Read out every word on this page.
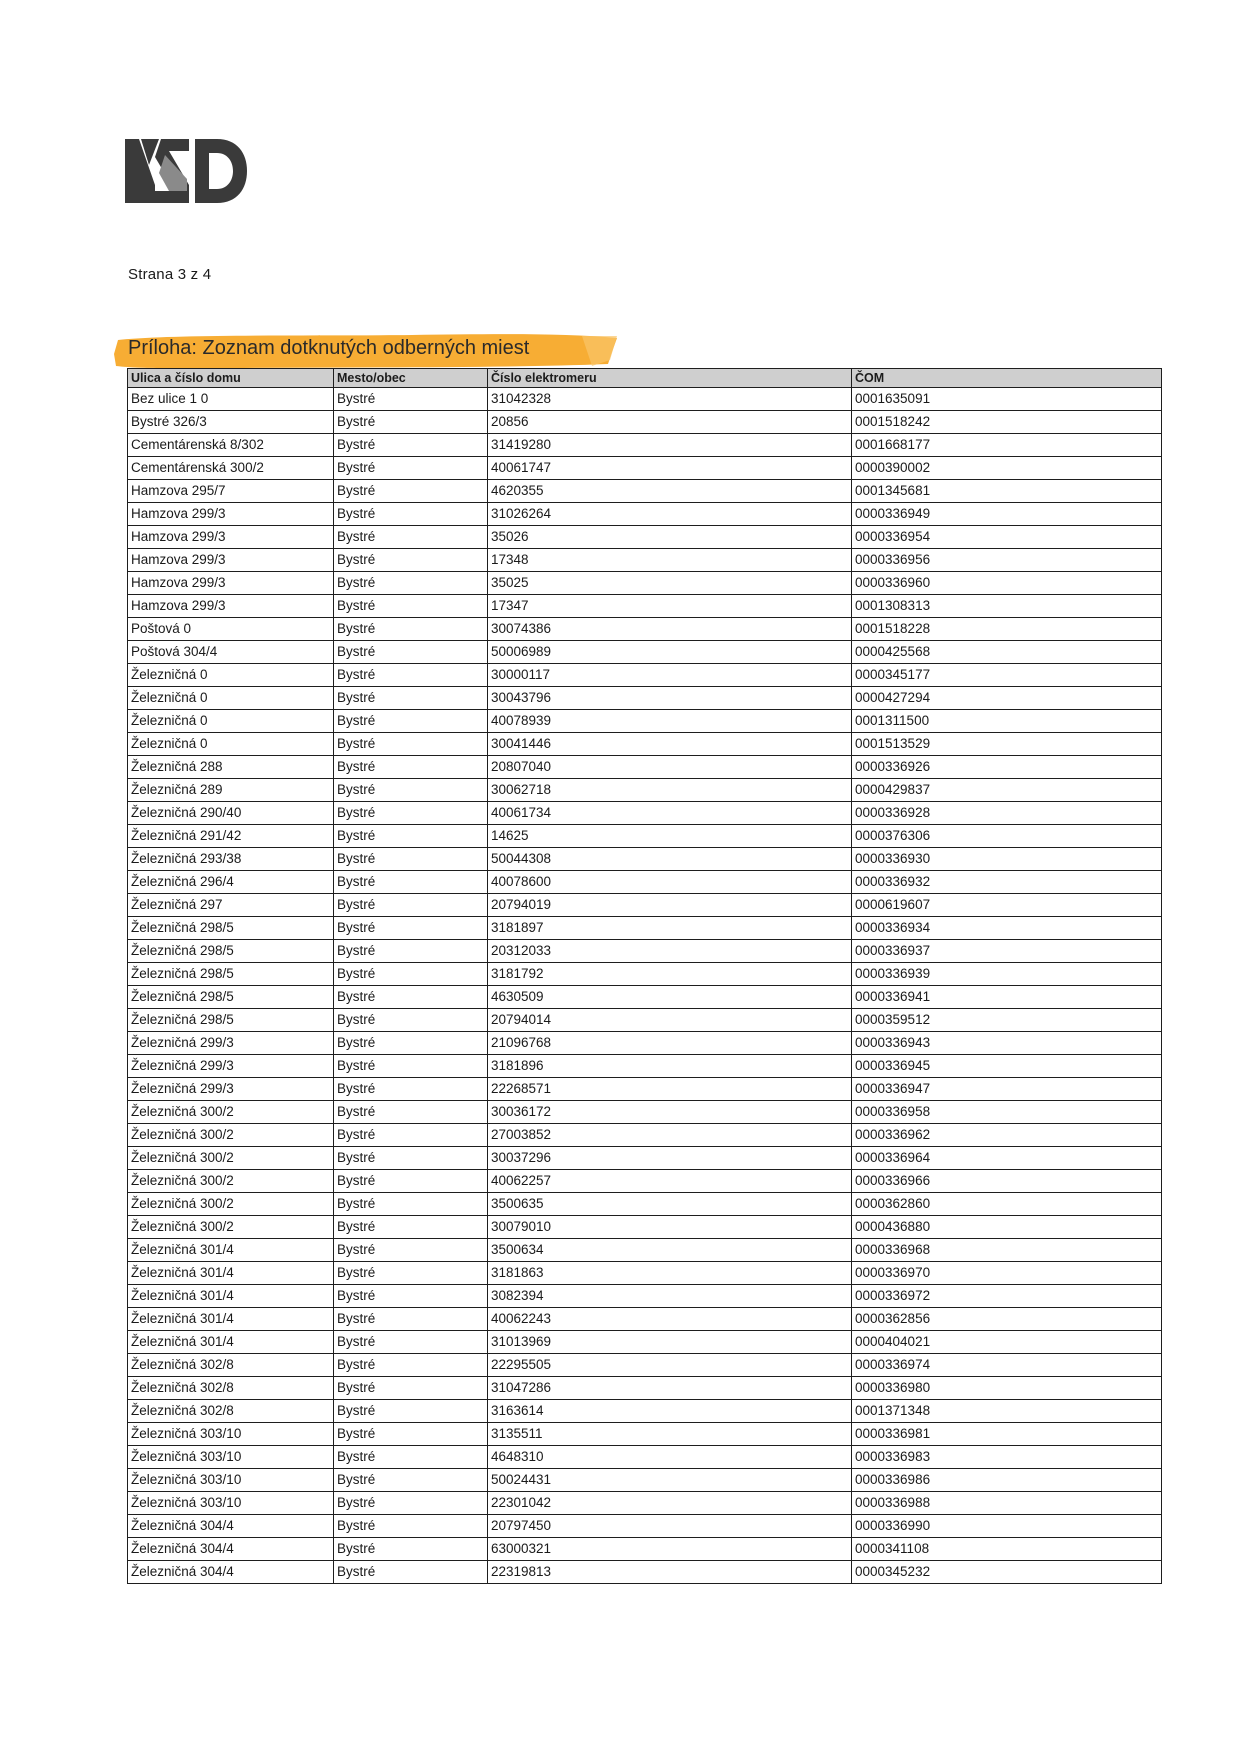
Strana 3 z 4
Príloha: Zoznam dotknutých odberných miest
Ulica a číslo domu	Mesto/obec	Číslo elektromeru	ČOM
Bez ulice 1 0	Bystré	31042328	0001635091
Bystré 326/3	Bystré	20856	0001518242
Cementárenská 8/302	Bystré	31419280	0001668177
Cementárenská 300/2	Bystré	40061747	0000390002
Hamzova 295/7	Bystré	4620355	0001345681
Hamzova 299/3	Bystré	31026264	0000336949
Hamzova 299/3	Bystré	35026	0000336954
Hamzova 299/3	Bystré	17348	0000336956
Hamzova 299/3	Bystré	35025	0000336960
Hamzova 299/3	Bystré	17347	0001308313
Poštová 0	Bystré	30074386	0001518228
Poštová 304/4	Bystré	50006989	0000425568
Železničná 0	Bystré	30000117	0000345177
Železničná 0	Bystré	30043796	0000427294
Železničná 0	Bystré	40078939	0001311500
Železničná 0	Bystré	30041446	0001513529
Železničná 288	Bystré	20807040	0000336926
Železničná 289	Bystré	30062718	0000429837
Železničná 290/40	Bystré	40061734	0000336928
Železničná 291/42	Bystré	14625	0000376306
Železničná 293/38	Bystré	50044308	0000336930
Železničná 296/4	Bystré	40078600	0000336932
Železničná 297	Bystré	20794019	0000619607
Železničná 298/5	Bystré	3181897	0000336934
Železničná 298/5	Bystré	20312033	0000336937
Železničná 298/5	Bystré	3181792	0000336939
Železničná 298/5	Bystré	4630509	0000336941
Železničná 298/5	Bystré	20794014	0000359512
Železničná 299/3	Bystré	21096768	0000336943
Železničná 299/3	Bystré	3181896	0000336945
Železničná 299/3	Bystré	22268571	0000336947
Železničná 300/2	Bystré	30036172	0000336958
Železničná 300/2	Bystré	27003852	0000336962
Železničná 300/2	Bystré	30037296	0000336964
Železničná 300/2	Bystré	40062257	0000336966
Železničná 300/2	Bystré	3500635	0000362860
Železničná 300/2	Bystré	30079010	0000436880
Železničná 301/4	Bystré	3500634	0000336968
Železničná 301/4	Bystré	3181863	0000336970
Železničná 301/4	Bystré	3082394	0000336972
Železničná 301/4	Bystré	40062243	0000362856
Železničná 301/4	Bystré	31013969	0000404021
Železničná 302/8	Bystré	22295505	0000336974
Železničná 302/8	Bystré	31047286	0000336980
Železničná 302/8	Bystré	3163614	0001371348
Železničná 303/10	Bystré	3135511	0000336981
Železničná 303/10	Bystré	4648310	0000336983
Železničná 303/10	Bystré	50024431	0000336986
Železničná 303/10	Bystré	22301042	0000336988
Železničná 304/4	Bystré	20797450	0000336990
Železničná 304/4	Bystré	63000321	0000341108
Železničná 304/4	Bystré	22319813	0000345232
